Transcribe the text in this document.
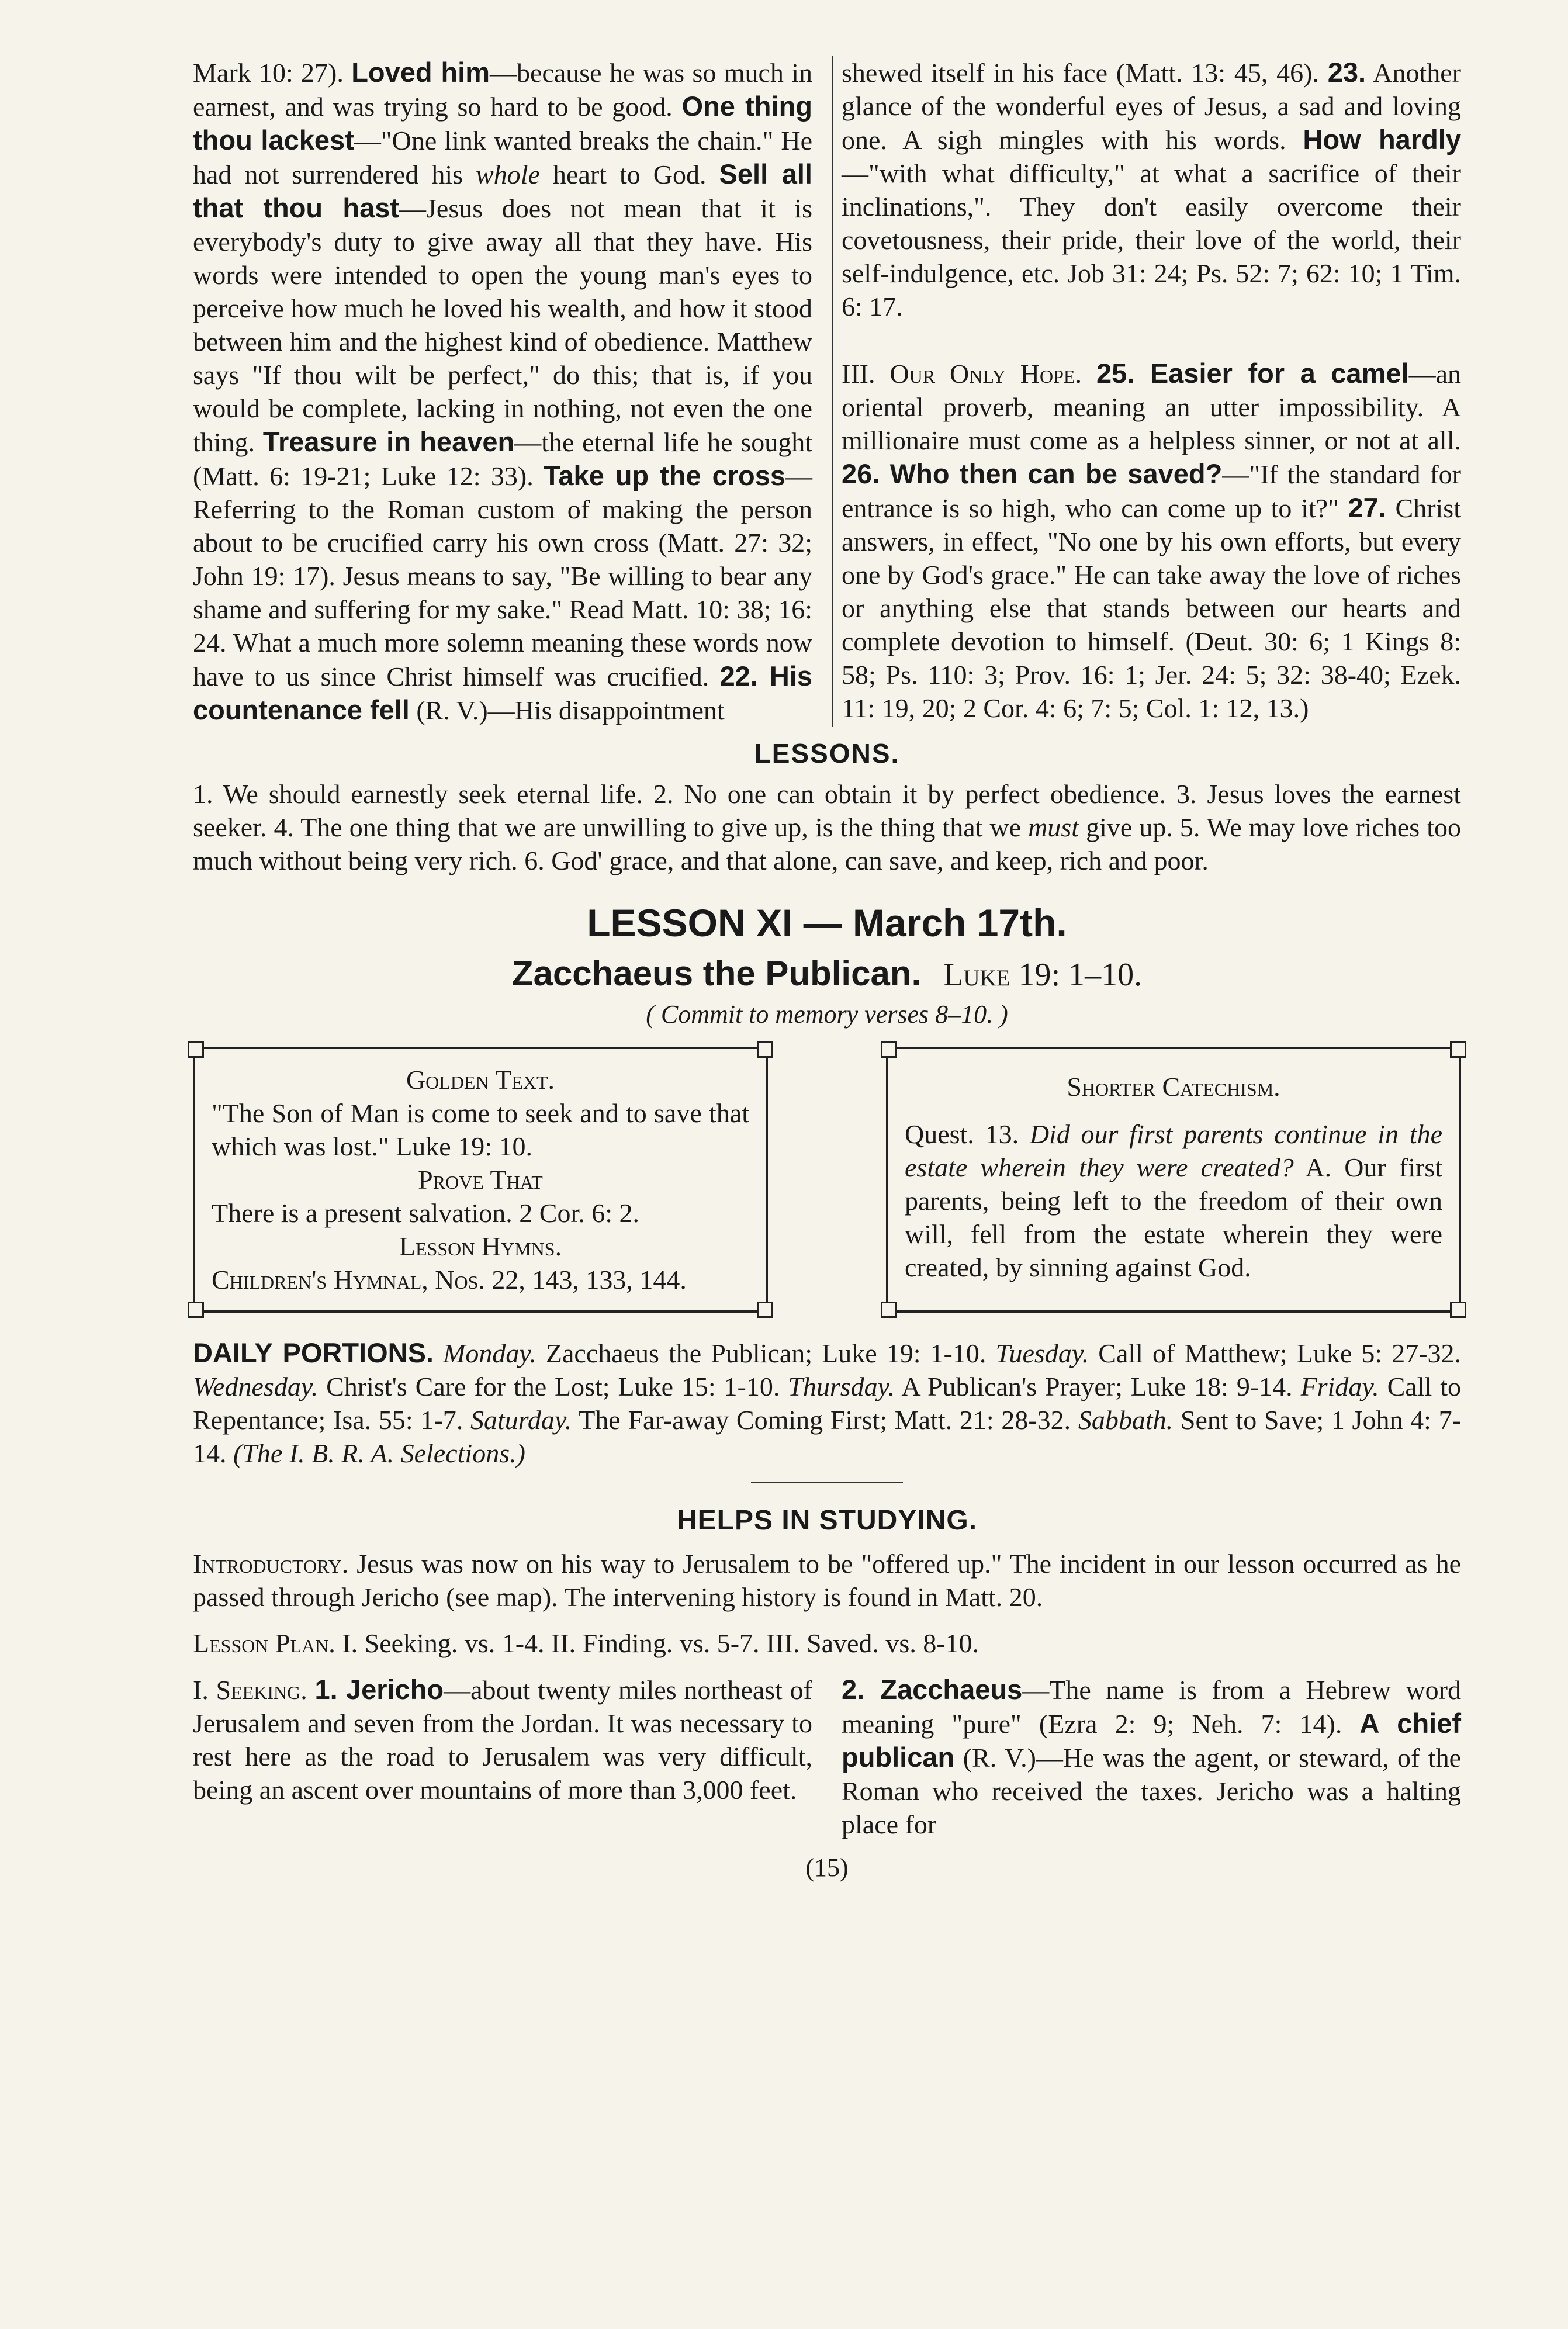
Mark 10: 27). Loved him—because he was so much in earnest, and was trying so hard to be good. One thing thou lackest—"One link wanted breaks the chain." He had not surrendered his whole heart to God. Sell all that thou hast—Jesus does not mean that it is everybody's duty to give away all that they have. His words were intended to open the young man's eyes to perceive how much he loved his wealth, and how it stood between him and the highest kind of obedience. Matthew says "If thou wilt be perfect," do this; that is, if you would be complete, lacking in nothing, not even the one thing. Treasure in heaven—the eternal life he sought (Matt. 6: 19-21; Luke 12: 33). Take up the cross—Referring to the Roman custom of making the person about to be crucified carry his own cross (Matt. 27: 32; John 19: 17). Jesus means to say, "Be willing to bear any shame and suffering for my sake." Read Matt. 10: 38; 16: 24. What a much more solemn meaning these words now have to us since Christ himself was crucified. 22. His countenance fell (R. V.)—His disappointment

shewed itself in his face (Matt. 13: 45, 46). 23. Another glance of the wonderful eyes of Jesus, a sad and loving one. A sigh mingles with his words. How hardly—"with what difficulty," at what a sacrifice of their inclinations,". They don't easily overcome their covetousness, their pride, their love of the world, their self-indulgence, etc. Job 31: 24; Ps. 52: 7; 62: 10; 1 Tim. 6: 17.

III. Our Only Hope. 25. Easier for a camel—an oriental proverb, meaning an utter impossibility. A millionaire must come as a helpless sinner, or not at all. 26. Who then can be saved?—"If the standard for entrance is so high, who can come up to it?" 27. Christ answers, in effect, "No one by his own efforts, but every one by God's grace." He can take away the love of riches or anything else that stands between our hearts and complete devotion to himself. (Deut. 30: 6; 1 Kings 8: 58; Ps. 110: 3; Prov. 16: 1; Jer. 24: 5; 32: 38-40; Ezek. 11: 19, 20; 2 Cor. 4: 6; 7: 5; Col. 1: 12, 13.)

LESSONS.

1. We should earnestly seek eternal life. 2. No one can obtain it by perfect obedience. 3. Jesus loves the earnest seeker. 4. The one thing that we are unwilling to give up, is the thing that we must give up. 5. We may love riches too much without being very rich. 6. God' grace, and that alone, can save, and keep, rich and poor.

LESSON XI — March 17th.
Zacchaeus the Publican. Luke 19: 1–10.
( Commit to memory verses 8–10. )
Golden Text.
"The Son of Man is come to seek and to save that which was lost." Luke 19: 10.
Prove That
There is a present salvation. 2 Cor. 6: 2.
Lesson Hymns.
Children's Hymnal, Nos. 22, 143, 133, 144.
Shorter Catechism.
Quest. 13. Did our first parents continue in the estate wherein they were created? A. Our first parents, being left to the freedom of their own will, fell from the estate wherein they were created, by sinning against God.

DAILY PORTIONS. Monday. Zacchaeus the Publican; Luke 19: 1-10. Tuesday. Call of Matthew; Luke 5: 27-32. Wednesday. Christ's Care for the Lost; Luke 15: 1-10. Thursday. A Publican's Prayer; Luke 18: 9-14. Friday. Call to Repentance; Isa. 55: 1-7. Saturday. The Far-away Coming First; Matt. 21: 28-32. Sabbath. Sent to Save; 1 John 4: 7-14. (The I. B. R. A. Selections.)

HELPS IN STUDYING.

Introductory. Jesus was now on his way to Jerusalem to be "offered up." The incident in our lesson occurred as he passed through Jericho (see map). The intervening history is found in Matt. 20.

Lesson Plan. I. Seeking. vs. 1-4. II. Finding. vs. 5-7. III. Saved. vs. 8-10.

I. Seeking. 1. Jericho—about twenty miles northeast of Jerusalem and seven from the Jordan. It was necessary to rest here as the road to Jerusalem was very difficult, being an ascent over mountains of more than 3,000 feet.

2. Zacchaeus—The name is from a Hebrew word meaning "pure" (Ezra 2: 9; Neh. 7: 14). A chief publican (R. V.)—He was the agent, or steward, of the Roman who received the taxes. Jericho was a halting place for

(15)
